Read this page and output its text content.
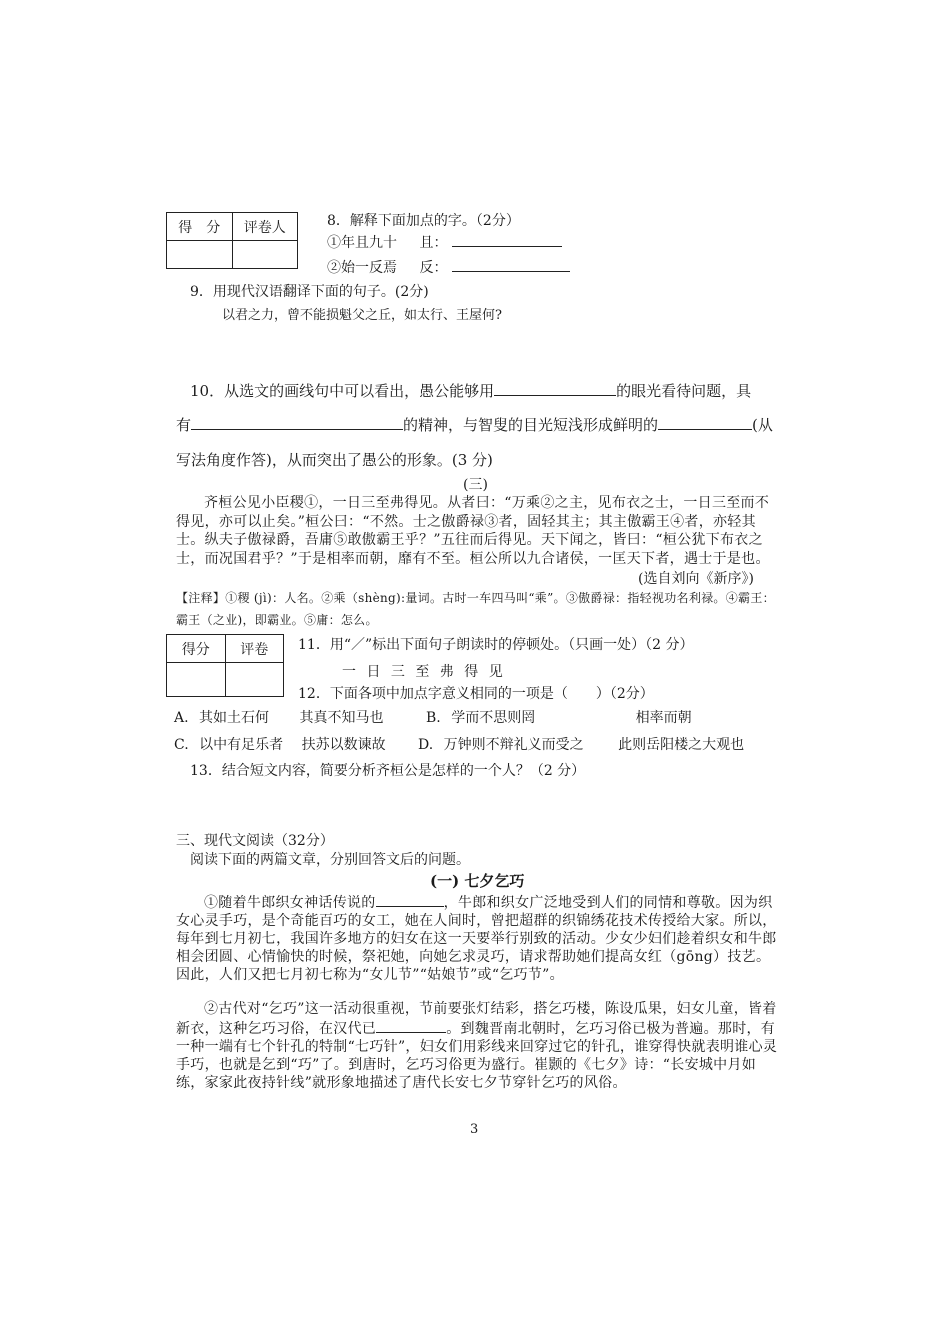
得　分	评卷人
		8．解释下面加点的字。（2分）
①年且九十 且：
②始一反焉 反：
9．用现代汉语翻译下面的句子。(2分)
以君之力，曾不能损魁父之丘，如太行、王屋何?
10．从选文的画线句中可以看出，愚公能够用	的眼光看待问题，具
有	的精神，与智叟的目光短浅形成鲜明的	(从
写法角度作答)，从而突出了愚公的形象。(3 分)
(三)
齐桓公见小臣稷①，一日三至弗得见。从者曰：“万乘②之主，见布衣之士，一日三至而不得见，亦可以止矣。”桓公曰：“不然。士之傲爵禄③者，固轻其主；其主傲霸王④者，亦轻其士。纵夫子傲禄爵，吾庸⑤敢傲霸王乎？”五往而后得见。天下闻之，皆曰：“桓公犹下布衣之士，而况国君乎？”于是相率而朝，靡有不至。桓公所以九合诸侯，一匡天下者，遇士于是也。
(选自刘向《新序》)
【注释】①稷 (jì)：人名。②乘（shèng):量词。古时一车四马叫“乘”。③傲爵禄：指轻视功名利禄。④霸王：霸王（之业)，即霸业。⑤庸：怎么。
得分	评卷
	11．用“／”标出下面句子朗读时的停顿处。（只画一处）（2 分）
一 日 三 至 弗 得 见
12．下面各项中加点字意义相同的一项是（　　）（2分）
A. 其如土石何 其真不知马也	B. 学而不思则罔	相率而朝
C. 以中有足乐者 扶苏以数谏故 D. 万钟则不辩礼义而受之 此则岳阳楼之大观也
13．结合短文内容，简要分析齐桓公是怎样的一个人？（2 分）
三、现代文阅读（32分）
阅读下面的两篇文章，分别回答文后的问题。
(一) 七夕乞巧
①随着牛郎织女神话传说的	，牛郎和织女广泛地受到人们的同情和尊敬。因为织女心灵手巧，是个奇能百巧的女工，她在人间时，曾把超群的织锦绣花技术传授给大家。所以，每年到七月初七，我国许多地方的妇女在这一天要举行别致的活动。少女少妇们趁着织女和牛郎相会团圆、心情愉快的时候，祭祀她，向她乞求灵巧，请求帮助她们提高女红（gōng）技艺。因此，人们又把七月初七称为“女儿节”“姑娘节”或“乞巧节”。
②古代对“乞巧”这一活动很重视，节前要张灯结彩，搭乞巧楼，陈设瓜果，妇女儿童，皆着新衣，这种乞巧习俗，在汉代已	。到魏晋南北朝时，乞巧习俗已极为普遍。那时，有一种一端有七个针孔的特制“七巧针”，妇女们用彩线来回穿过它的针孔，谁穿得快就表明谁心灵手巧，也就是乞到“巧”了。到唐时，乞巧习俗更为盛行。崔颢的《七夕》诗：“长安城中月如练，家家此夜持针线”就形象地描述了唐代长安七夕节穿针乞巧的风俗。
3
